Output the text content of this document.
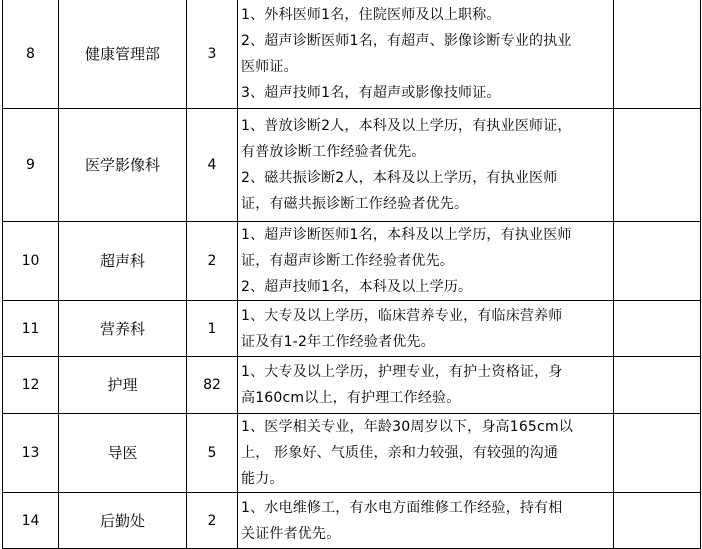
8	健康管理部	3	1、外科医师1名，住院医师及以上职称。
2、超声诊断医师1名，有超声、影像诊断专业的执业
医师证。
3、超声技师1名，有超声或影像技师证。	

9	医学影像科	4	1、普放诊断2人，本科及以上学历，有执业医师证，
有普放诊断工作经验者优先。
2、磁共振诊断2人，本科及以上学历，有执业医师
证，有磁共振诊断工作经验者优先。	

10	超声科	2	1、超声诊断医师1名，本科及以上学历，有执业医师
证，有超声诊断工作经验者优先。
2、超声技师1名，本科及以上学历。	

11	营养科	1	1、大专及以上学历，临床营养专业，有临床营养师
证及有1-2年工作经验者优先。	

12	护理	82	1、大专及以上学历，护理专业，有护士资格证，身
高160cm以上，有护理工作经验。	

13	导医	5	1、医学相关专业，年龄30周岁以下，身高165cm以
上， 形象好、气质佳，亲和力较强，有较强的沟通
能力。	

14	后勤处	2	1、水电维修工，有水电方面维修工作经验，持有相
关证件者优先。	
